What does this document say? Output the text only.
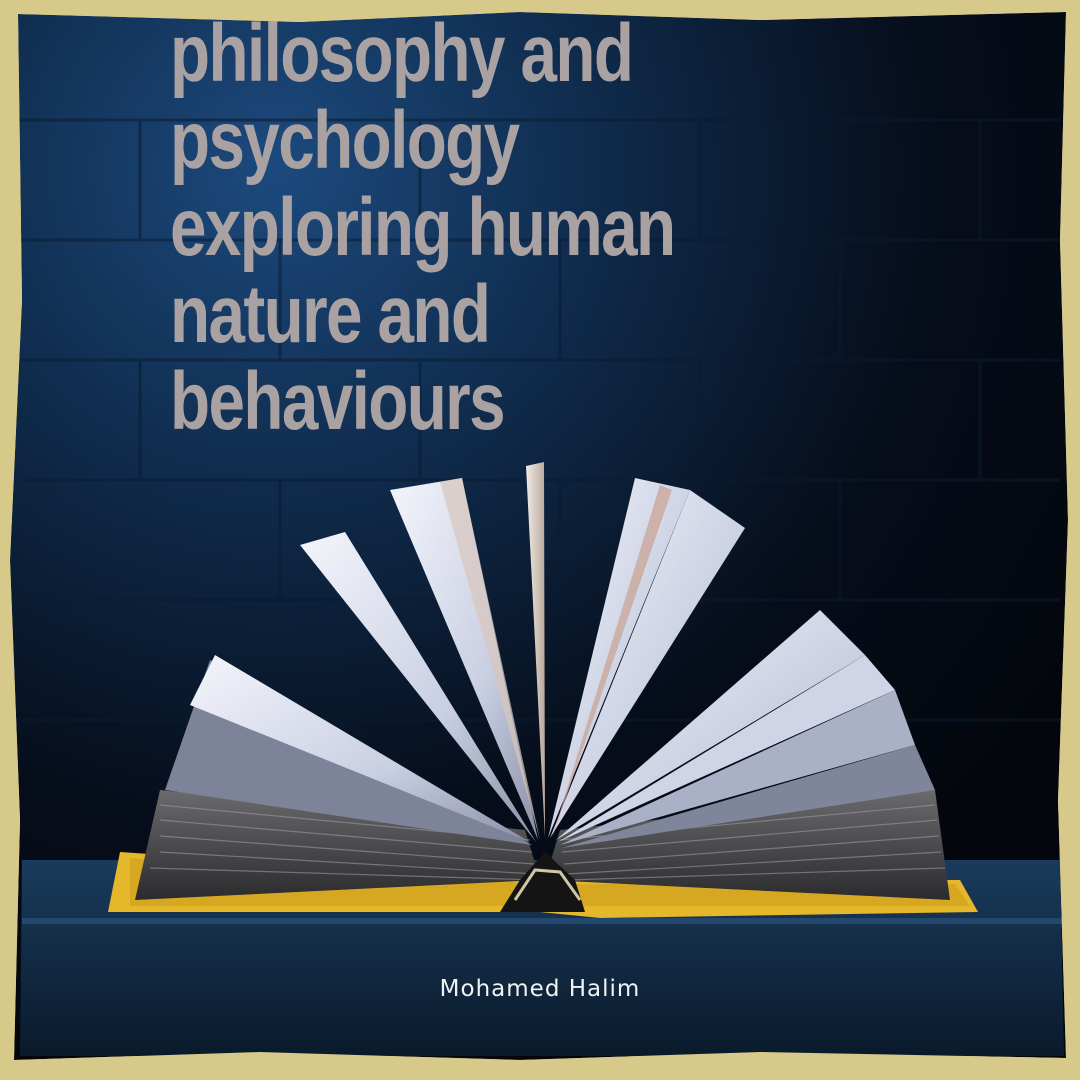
philosophy and
psychology
exploring human
nature and
behaviours
Mohamed Halim
